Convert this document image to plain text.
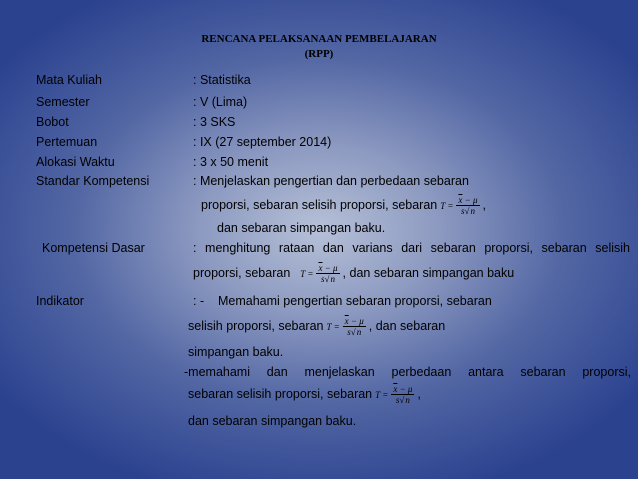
RENCANA PELAKSANAAN PEMBELAJARAN
(RPP)
Mata Kuliah	: Statistika
Semester	: V (Lima)
Bobot	: 3 SKS
Pertemuan	: IX (27 september 2014)
Alokasi Waktu	: 3 x 50 menit
Standar Kompetensi	: Menjelaskan pengertian dan perbedaan sebaran
proporsi, sebaran selisih proporsi, sebaran $T = \frac{\overline{x} - \mu}{s√n}$ ,
dan sebaran simpangan baku.
Kompetensi Dasar	: menghitung rataan dan varians dari sebaran proporsi, sebaran selisih
proporsi, sebaran $T = \frac{\overline{x} - \mu}{s√n}$ , dan sebaran simpangan baku
Indikator	: -    Memahami pengertian sebaran proporsi, sebaran
selisih proporsi, sebaran $T = \frac{\overline{x} - \mu}{s√n}$ , dan sebaran
simpangan baku.
-memahami dan menjelaskan perbedaan antara sebaran proporsi,
sebaran selisih proporsi, sebaran $T = \frac{\overline{x} - \mu}{s√n}$ ,
dan sebaran simpangan baku.
